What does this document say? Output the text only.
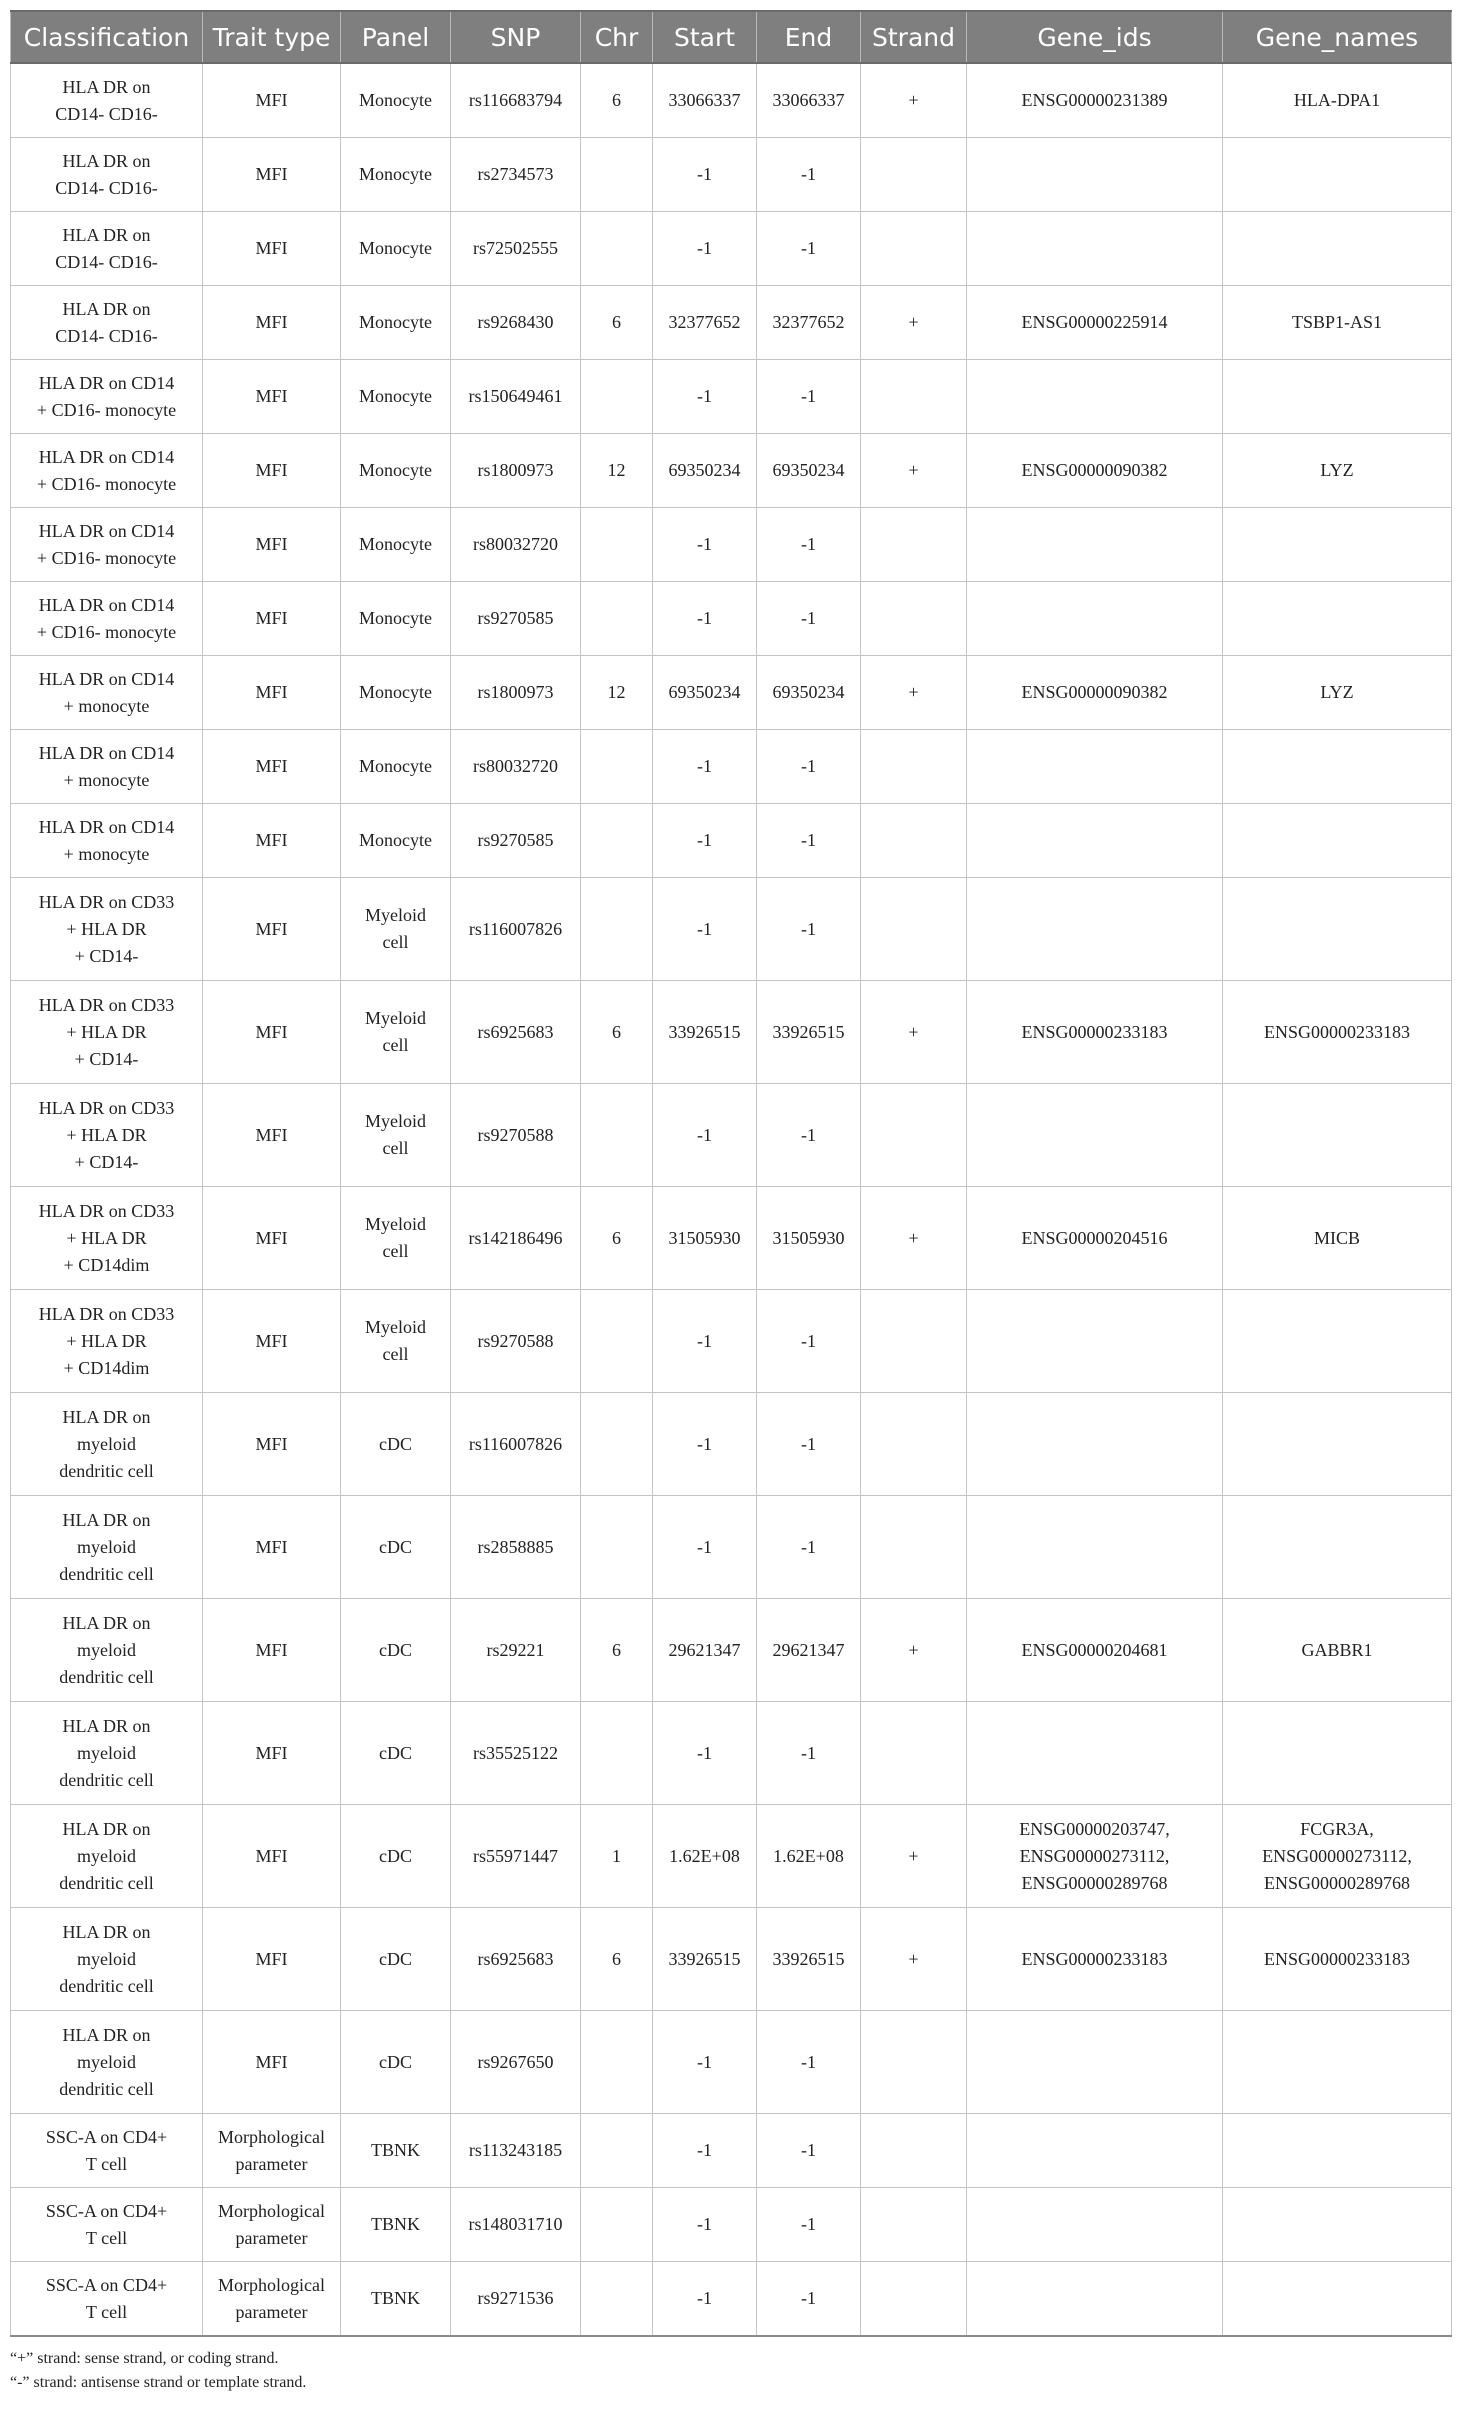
Classification	Trait type	Panel	SNP	Chr	Start	End	Strand	Gene_ids	Gene_names
HLA DR on
CD14- CD16-	MFI	Monocyte	rs116683794	6	33066337	33066337	+	ENSG00000231389	HLA-DPA1
HLA DR on
CD14- CD16-	MFI	Monocyte	rs2734573		-1	-1			
HLA DR on
CD14- CD16-	MFI	Monocyte	rs72502555		-1	-1			
HLA DR on
CD14- CD16-	MFI	Monocyte	rs9268430	6	32377652	32377652	+	ENSG00000225914	TSBP1-AS1
HLA DR on CD14
+ CD16- monocyte	MFI	Monocyte	rs150649461		-1	-1			
HLA DR on CD14
+ CD16- monocyte	MFI	Monocyte	rs1800973	12	69350234	69350234	+	ENSG00000090382	LYZ
HLA DR on CD14
+ CD16- monocyte	MFI	Monocyte	rs80032720		-1	-1			
HLA DR on CD14
+ CD16- monocyte	MFI	Monocyte	rs9270585		-1	-1			
HLA DR on CD14
+ monocyte	MFI	Monocyte	rs1800973	12	69350234	69350234	+	ENSG00000090382	LYZ
HLA DR on CD14
+ monocyte	MFI	Monocyte	rs80032720		-1	-1			
HLA DR on CD14
+ monocyte	MFI	Monocyte	rs9270585		-1	-1			
HLA DR on CD33
+ HLA DR
+ CD14-	MFI	Myeloid
cell	rs116007826		-1	-1			
HLA DR on CD33
+ HLA DR
+ CD14-	MFI	Myeloid
cell	rs6925683	6	33926515	33926515	+	ENSG00000233183	ENSG00000233183
HLA DR on CD33
+ HLA DR
+ CD14-	MFI	Myeloid
cell	rs9270588		-1	-1			
HLA DR on CD33
+ HLA DR
+ CD14dim	MFI	Myeloid
cell	rs142186496	6	31505930	31505930	+	ENSG00000204516	MICB
HLA DR on CD33
+ HLA DR
+ CD14dim	MFI	Myeloid
cell	rs9270588		-1	-1			
HLA DR on
myeloid
dendritic cell	MFI	cDC	rs116007826		-1	-1			
HLA DR on
myeloid
dendritic cell	MFI	cDC	rs2858885		-1	-1			
HLA DR on
myeloid
dendritic cell	MFI	cDC	rs29221	6	29621347	29621347	+	ENSG00000204681	GABBR1
HLA DR on
myeloid
dendritic cell	MFI	cDC	rs35525122		-1	-1			
HLA DR on
myeloid
dendritic cell	MFI	cDC	rs55971447	1	1.62E+08	1.62E+08	+	ENSG00000203747,
ENSG00000273112,
ENSG00000289768	FCGR3A,
ENSG00000273112,
ENSG00000289768
HLA DR on
myeloid
dendritic cell	MFI	cDC	rs6925683	6	33926515	33926515	+	ENSG00000233183	ENSG00000233183
HLA DR on
myeloid
dendritic cell	MFI	cDC	rs9267650		-1	-1			
SSC-A on CD4+
T cell	Morphological
parameter	TBNK	rs113243185		-1	-1			
SSC-A on CD4+
T cell	Morphological
parameter	TBNK	rs148031710		-1	-1			
SSC-A on CD4+
T cell	Morphological
parameter	TBNK	rs9271536		-1	-1			
“+” strand: sense strand, or coding strand.
“-” strand: antisense strand or template strand.
